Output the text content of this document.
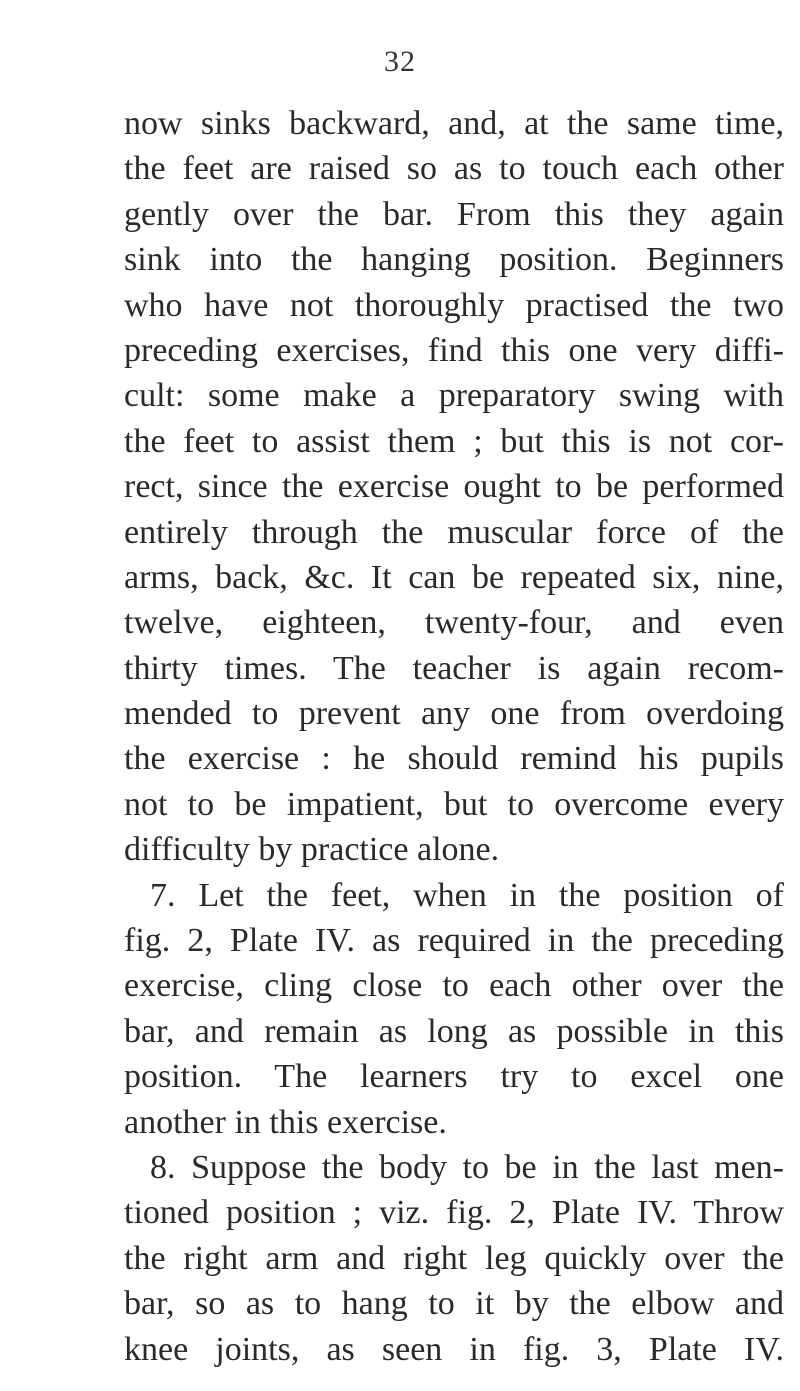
32
now sinks backward, and, at the same time,
the feet are raised so as to touch each other
gently over the bar. From this they again
sink into the hanging position. Beginners
who have not thoroughly practised the two
preceding exercises, find this one very diffi-
cult: some make a preparatory swing with
the feet to assist them ; but this is not cor-
rect, since the exercise ought to be performed
entirely through the muscular force of the
arms, back, &c. It can be repeated six, nine,
twelve, eighteen, twenty-four, and even
thirty times. The teacher is again recom-
mended to prevent any one from overdoing
the exercise : he should remind his pupils
not to be impatient, but to overcome every
difficulty by practice alone.
7. Let the feet, when in the position of
fig. 2, Plate IV. as required in the preceding
exercise, cling close to each other over the
bar, and remain as long as possible in this
position. The learners try to excel one
another in this exercise.
8. Suppose the body to be in the last men-
tioned position ; viz. fig. 2, Plate IV. Throw
the right arm and right leg quickly over the
bar, so as to hang to it by the elbow and
knee joints, as seen in fig. 3, Plate IV.
